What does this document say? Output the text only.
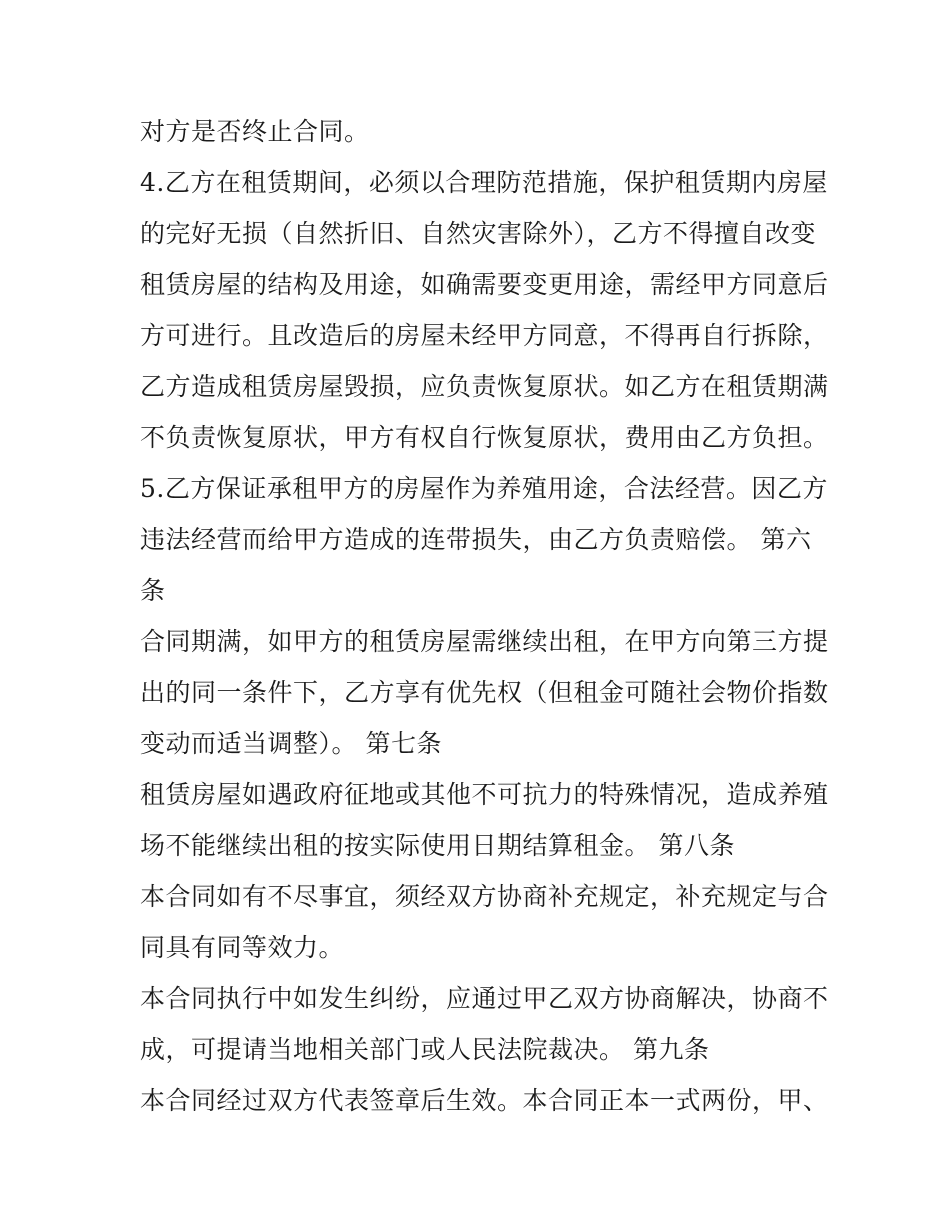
对方是否终止合同。
4.乙方在租赁期间，必须以合理防范措施，保护租赁期内房屋
的完好无损（自然折旧、自然灾害除外），乙方不得擅自改变
租赁房屋的结构及用途，如确需要变更用途，需经甲方同意后
方可进行。且改造后的房屋未经甲方同意，不得再自行拆除，
乙方造成租赁房屋毁损，应负责恢复原状。如乙方在租赁期满
不负责恢复原状，甲方有权自行恢复原状，费用由乙方负担。
5.乙方保证承租甲方的房屋作为养殖用途，合法经营。因乙方
违法经营而给甲方造成的连带损失，由乙方负责赔偿。 第六
条
合同期满，如甲方的租赁房屋需继续出租，在甲方向第三方提
出的同一条件下，乙方享有优先权（但租金可随社会物价指数
变动而适当调整）。 第七条
租赁房屋如遇政府征地或其他不可抗力的特殊情况，造成养殖
场不能继续出租的按实际使用日期结算租金。 第八条
本合同如有不尽事宜，须经双方协商补充规定，补充规定与合
同具有同等效力。
本合同执行中如发生纠纷，应通过甲乙双方协商解决，协商不
成，可提请当地相关部门或人民法院裁决。 第九条
本合同经过双方代表签章后生效。本合同正本一式两份，甲、
